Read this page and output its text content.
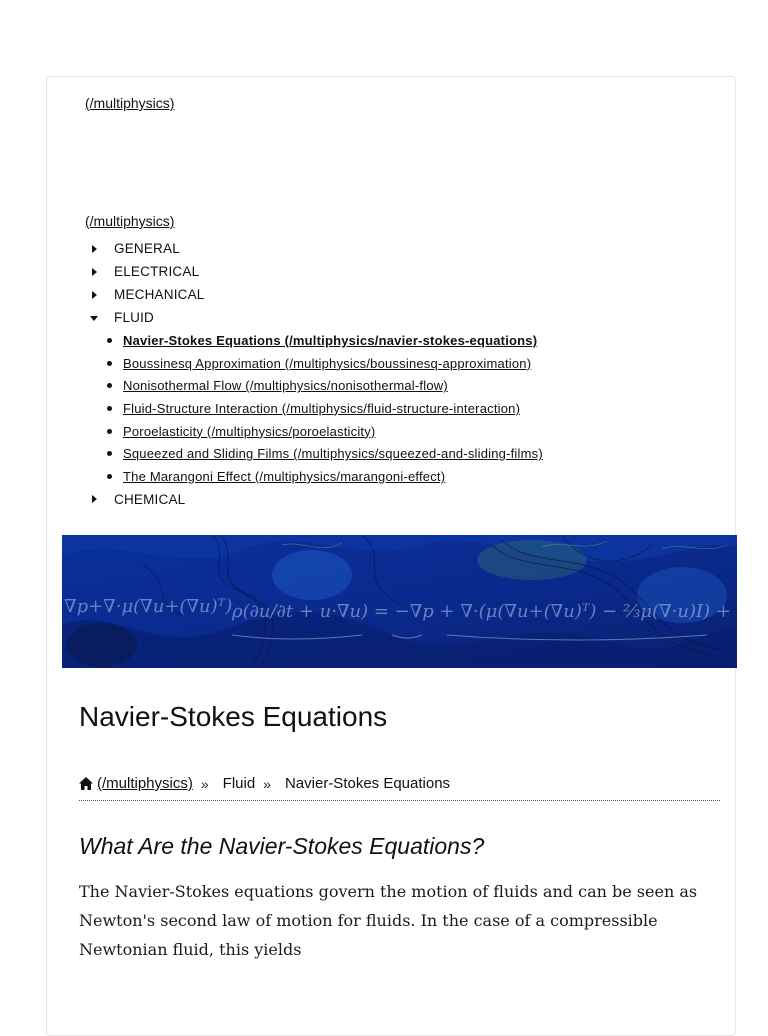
(/multiphysics)
(/multiphysics)
GENERAL
ELECTRICAL
MECHANICAL
FLUID
Navier-Stokes Equations (/multiphysics/navier-stokes-equations)
Boussinesq Approximation (/multiphysics/boussinesq-approximation)
Nonisothermal Flow (/multiphysics/nonisothermal-flow)
Fluid-Structure Interaction (/multiphysics/fluid-structure-interaction)
Poroelasticity (/multiphysics/poroelasticity)
Squeezed and Sliding Films (/multiphysics/squeezed-and-sliding-films)
The Marangoni Effect (/multiphysics/marangoni-effect)
CHEMICAL
∇p+∇·μ(∇u+(∇u)ᵀ) ρ(∂u/∂t + u·∇u) = −∇p + ∇·(μ(∇u+(∇u)ᵀ) − ⅔μ(∇·u)I) +
Navier-Stokes Equations
(/multiphysics) » Fluid » Navier-Stokes Equations
What Are the Navier-Stokes Equations?

The Navier-Stokes equations govern the motion of fluids and can be seen as Newton's second law of motion for fluids. In the case of a compressible Newtonian fluid, this yields
